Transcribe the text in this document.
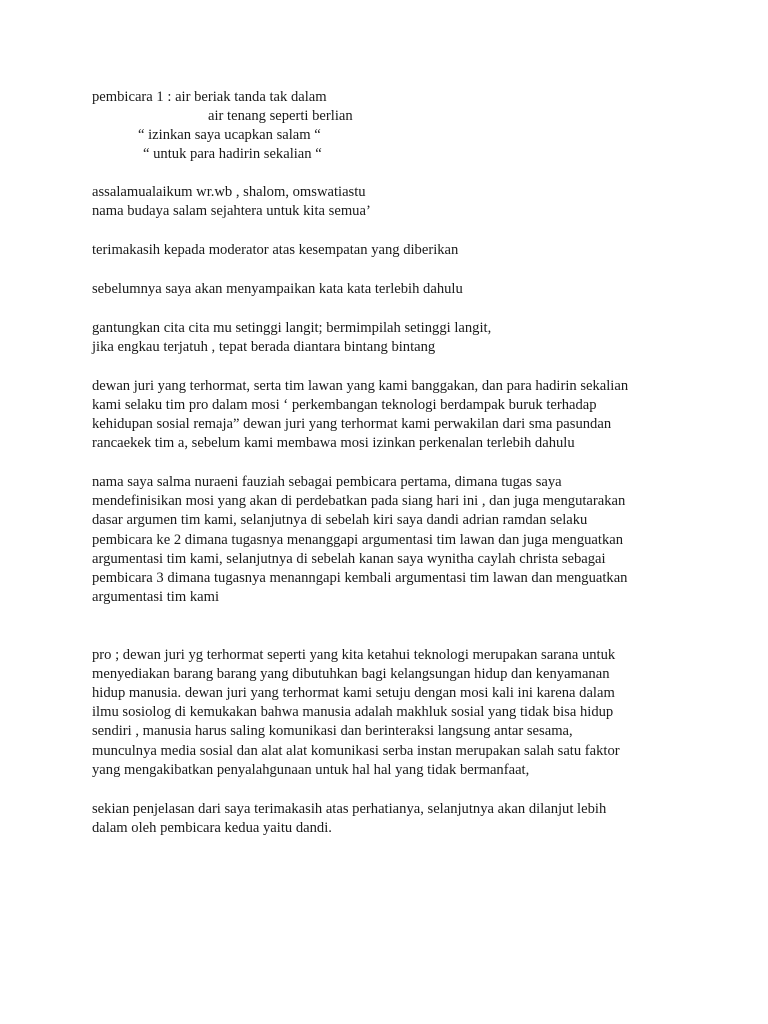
pembicara 1 : air beriak tanda tak dalam
air tenang seperti berlian
“ izinkan saya ucapkan salam “
“ untuk para hadirin sekalian “
assalamualaikum wr.wb , shalom, omswatiastu
nama budaya salam sejahtera untuk kita semua’
terimakasih kepada moderator atas kesempatan yang diberikan
sebelumnya saya akan menyampaikan kata kata terlebih dahulu
gantungkan cita cita mu setinggi langit; bermimpilah setinggi langit,
jika engkau terjatuh , tepat berada diantara bintang bintang
dewan juri yang terhormat, serta tim lawan yang kami banggakan, dan para hadirin sekalian
kami selaku tim pro dalam mosi ‘ perkembangan teknologi berdampak buruk terhadap
kehidupan sosial remaja” dewan juri yang terhormat kami perwakilan dari sma pasundan
rancaekek tim a, sebelum kami membawa mosi izinkan perkenalan terlebih dahulu
nama saya salma nuraeni fauziah sebagai pembicara pertama, dimana tugas saya
mendefinisikan mosi yang akan di perdebatkan pada siang hari ini , dan juga mengutarakan
dasar argumen tim kami, selanjutnya di sebelah kiri saya dandi adrian ramdan selaku
pembicara ke 2 dimana tugasnya menanggapi argumentasi tim lawan dan juga menguatkan
argumentasi tim kami, selanjutnya di sebelah kanan saya wynitha caylah christa sebagai
pembicara 3 dimana tugasnya menanngapi kembali argumentasi tim lawan dan menguatkan
argumentasi tim kami
pro ; dewan juri yg terhormat seperti yang kita ketahui teknologi merupakan sarana untuk
menyediakan barang barang yang dibutuhkan bagi kelangsungan hidup dan kenyamanan
hidup manusia. dewan juri yang terhormat kami setuju dengan mosi kali ini karena dalam
ilmu sosiolog di kemukakan bahwa manusia adalah makhluk sosial yang tidak bisa hidup
sendiri , manusia harus saling komunikasi dan berinteraksi langsung antar sesama,
munculnya media sosial dan alat alat komunikasi serba instan merupakan salah satu faktor
yang mengakibatkan penyalahgunaan untuk hal hal yang tidak bermanfaat,
sekian penjelasan dari saya terimakasih atas perhatianya, selanjutnya akan dilanjut lebih
dalam oleh pembicara kedua yaitu dandi.
